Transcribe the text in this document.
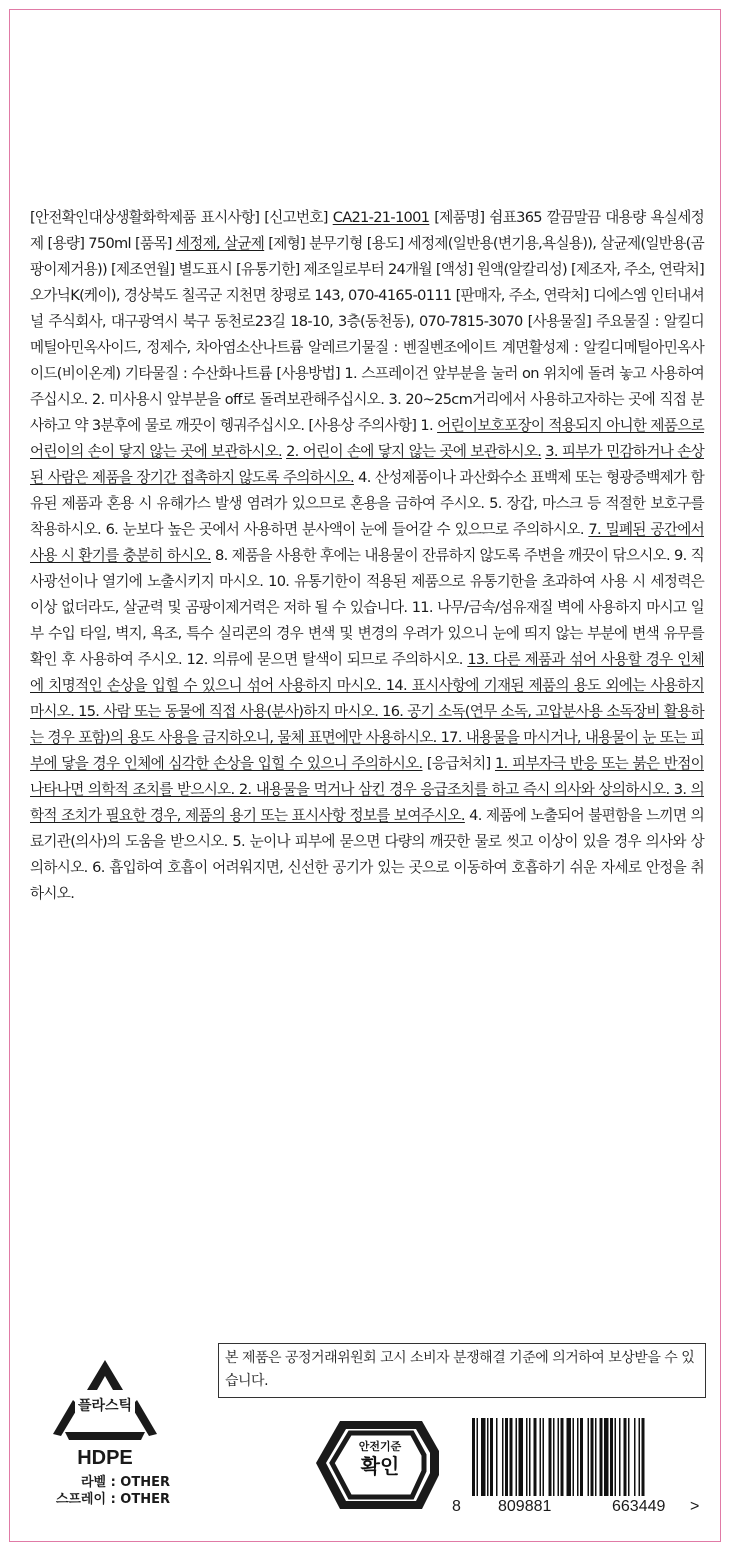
[안전확인대상생활화학제품 표시사항] [신고번호] CA21-21-1001 [제품명] 쉼표365 깔끔말끔 대용량 욕실세정제 [용량] 750ml [품목] 세정제, 살균제 [제형] 분무기형 [용도] 세정제(일반용(변기용,욕실용)), 살균제(일반용(곰팡이제거용)) [제조연월] 별도표시 [유통기한] 제조일로부터 24개월 [액성] 원액(알칼리성) [제조자, 주소, 연락처] 오가닉K(케이), 경상북도 칠곡군 지천면 창평로 143, 070-4165-0111 [판매자, 주소, 연락처] 디에스엠 인터내셔널 주식회사, 대구광역시 북구 동천로23길 18-10, 3층(동천동), 070-7815-3070 [사용물질] 주요물질 : 알킬디메틸아민옥사이드, 정제수, 차아염소산나트륨 알레르기물질 : 벤질벤조에이트 계면활성제 : 알킬디메틸아민옥사이드(비이온계) 기타물질 : 수산화나트륨 [사용방법] 1. 스프레이건 앞부분을 눌러 on 위치에 돌려 놓고 사용하여 주십시오. 2. 미사용시 앞부분을 off로 돌려보관해주십시오. 3. 20~25cm거리에서 사용하고자하는 곳에 직접 분사하고 약 3분후에 물로 깨끗이 헹궈주십시오. [사용상 주의사항] 1. 어린이보호포장이 적용되지 아니한 제품으로 어린이의 손이 닿지 않는 곳에 보관하시오. 2. 어린이 손에 닿지 않는 곳에 보관하시오. 3. 피부가 민감하거나 손상된 사람은 제품을 장기간 접촉하지 않도록 주의하시오. 4. 산성제품이나 과산화수소 표백제 또는 형광증백제가 함유된 제품과 혼용 시 유해가스 발생 염려가 있으므로 혼용을 금하여 주시오. 5. 장갑, 마스크 등 적절한 보호구를 착용하시오. 6. 눈보다 높은 곳에서 사용하면 분사액이 눈에 들어갈 수 있으므로 주의하시오. 7. 밀폐된 공간에서 사용 시 환기를 충분히 하시오. 8. 제품을 사용한 후에는 내용물이 잔류하지 않도록 주변을 깨끗이 닦으시오. 9. 직사광선이나 열기에 노출시키지 마시오. 10. 유통기한이 적용된 제품으로 유통기한을 초과하여 사용 시 세정력은 이상 없더라도, 살균력 및 곰팡이제거력은 저하 될 수 있습니다. 11. 나무/금속/섬유재질 벽에 사용하지 마시고 일부 수입 타일, 벽지, 욕조, 특수 실리콘의 경우 변색 및 변경의 우려가 있으니 눈에 띄지 않는 부분에 변색 유무를 확인 후 사용하여 주시오. 12. 의류에 묻으면 탈색이 되므로 주의하시오. 13. 다른 제품과 섞어 사용할 경우 인체에 치명적인 손상을 입힐 수 있으니 섞어 사용하지 마시오. 14. 표시사항에 기재된 제품의 용도 외에는 사용하지 마시오. 15. 사람 또는 동물에 직접 사용(분사)하지 마시오. 16. 공기 소독(연무 소독, 고압분사용 소독장비 활용하는 경우 포함)의 용도 사용을 금지하오니, 물체 표면에만 사용하시오. 17. 내용물을 마시거나, 내용물이 눈 또는 피부에 닿을 경우 인체에 심각한 손상을 입힐 수 있으니 주의하시오. [응급처치] 1. 피부자극 반응 또는 붉은 반점이 나타나면 의학적 조치를 받으시오. 2. 내용물을 먹거나 삼킨 경우 응급조치를 하고 즉시 의사와 상의하시오. 3. 의학적 조치가 필요한 경우, 제품의 용기 또는 표시사항 정보를 보여주시오. 4. 제품에 노출되어 불편함을 느끼면 의료기관(의사)의 도움을 받으시오. 5. 눈이나 피부에 묻으면 다량의 깨끗한 물로 씻고 이상이 있을 경우 의사와 상의하시오. 6. 흡입하여 호흡이 어려워지면, 신선한 공기가 있는 곳으로 이동하여 호흡하기 쉬운 자세로 안정을 취하시오.
본 제품은 공정거래위원회 고시 소비자 분쟁해결 기준에 의거하여 보상받을 수 있습니다.
플라스틱
HDPE
라벨 : OTHER
스프레이 : OTHER
안전기준
확인
8 809881	663449 >
